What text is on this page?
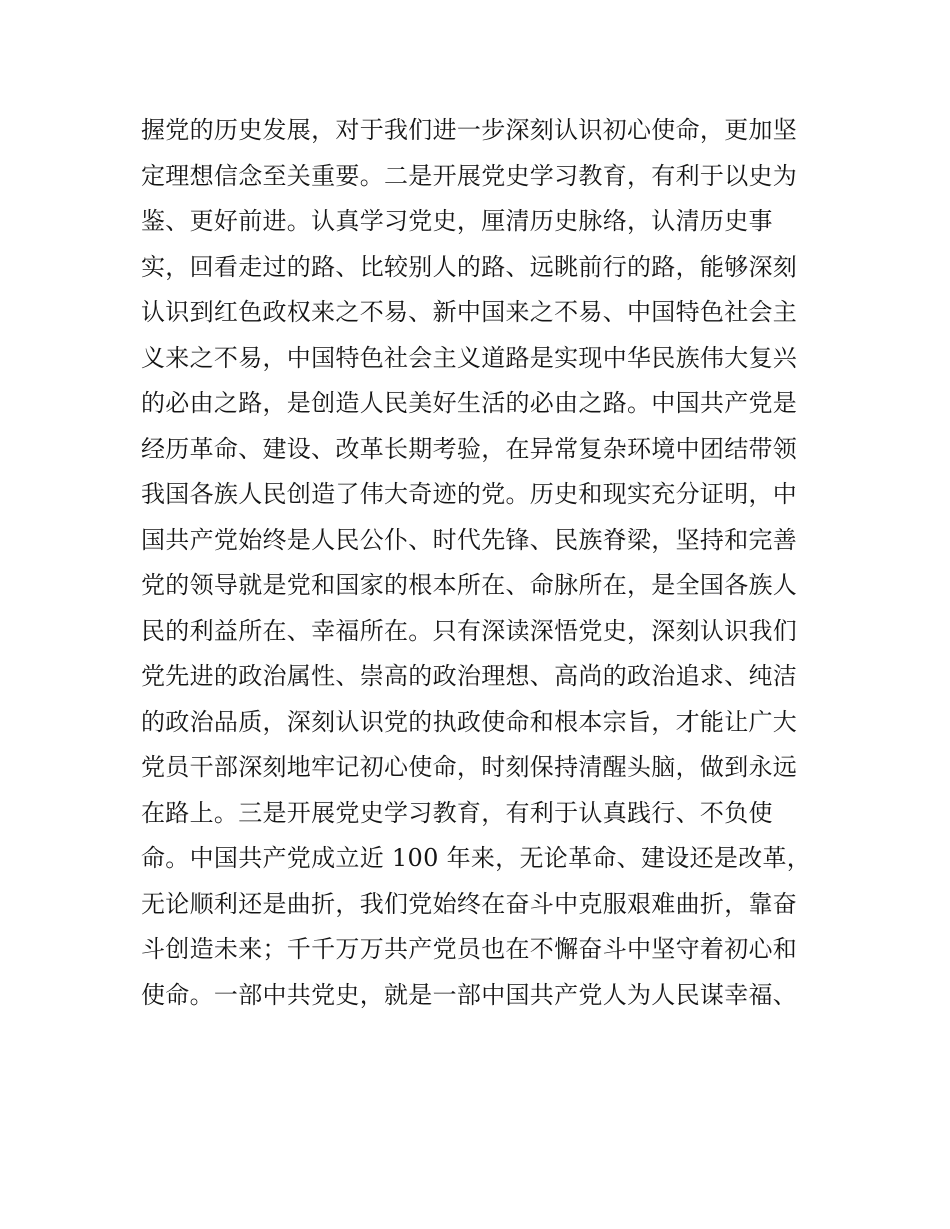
握党的历史发展，对于我们进一步深刻认识初心使命，更加坚
定理想信念至关重要。二是开展党史学习教育，有利于以史为
鉴、更好前进。认真学习党史，厘清历史脉络，认清历史事
实，回看走过的路、比较别人的路、远眺前行的路，能够深刻
认识到红色政权来之不易、新中国来之不易、中国特色社会主
义来之不易，中国特色社会主义道路是实现中华民族伟大复兴
的必由之路，是创造人民美好生活的必由之路。中国共产党是
经历革命、建设、改革长期考验，在异常复杂环境中团结带领
我国各族人民创造了伟大奇迹的党。历史和现实充分证明，中
国共产党始终是人民公仆、时代先锋、民族脊梁，坚持和完善
党的领导就是党和国家的根本所在、命脉所在，是全国各族人
民的利益所在、幸福所在。只有深读深悟党史，深刻认识我们
党先进的政治属性、崇高的政治理想、高尚的政治追求、纯洁
的政治品质，深刻认识党的执政使命和根本宗旨，才能让广大
党员干部深刻地牢记初心使命，时刻保持清醒头脑，做到永远
在路上。三是开展党史学习教育，有利于认真践行、不负使
命。中国共产党成立近 100 年来，无论革命、建设还是改革，
无论顺利还是曲折，我们党始终在奋斗中克服艰难曲折，靠奋
斗创造未来；千千万万共产党员也在不懈奋斗中坚守着初心和
使命。一部中共党史，就是一部中国共产党人为人民谋幸福、
